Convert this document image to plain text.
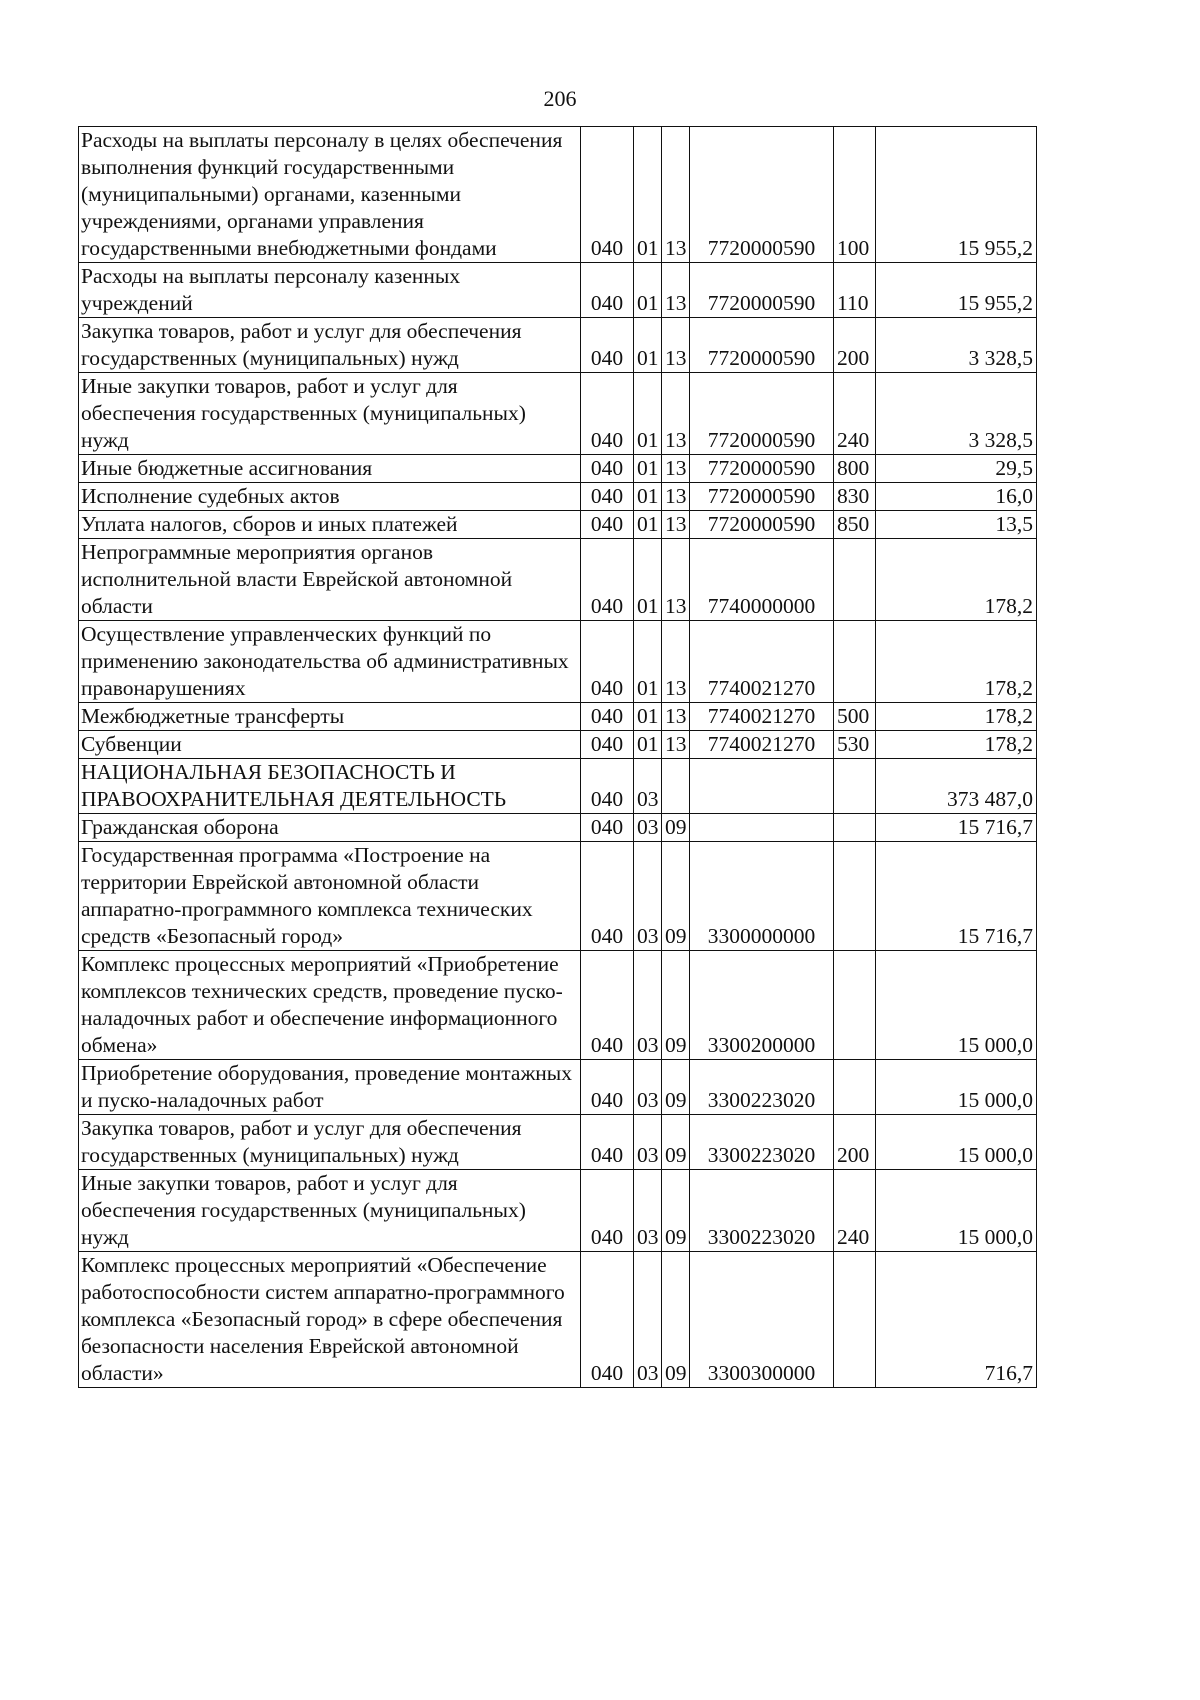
206
Расходы на выплаты персоналу в целях обеспечения выполнения функций государственными (муниципальными) органами, казенными учреждениями, органами управления государственными внебюджетными фондами	040	01	13	7720000590	100	15 955,2
Расходы на выплаты персоналу казенных учреждений	040	01	13	7720000590	110	15 955,2
Закупка товаров, работ и услуг для обеспечения государственных (муниципальных) нужд	040	01	13	7720000590	200	3 328,5
Иные закупки товаров, работ и услуг для обеспечения государственных (муниципальных) нужд	040	01	13	7720000590	240	3 328,5
Иные бюджетные ассигнования	040	01	13	7720000590	800	29,5
Исполнение судебных актов	040	01	13	7720000590	830	16,0
Уплата налогов, сборов и иных платежей	040	01	13	7720000590	850	13,5
Непрограммные мероприятия органов исполнительной власти Еврейской автономной области	040	01	13	7740000000		178,2
Осуществление управленческих функций по применению законодательства об административных правонарушениях	040	01	13	7740021270		178,2
Межбюджетные трансферты	040	01	13	7740021270	500	178,2
Субвенции	040	01	13	7740021270	530	178,2
НАЦИОНАЛЬНАЯ БЕЗОПАСНОСТЬ И ПРАВООХРАНИТЕЛЬНАЯ ДЕЯТЕЛЬНОСТЬ	040	03				373 487,0
Гражданская оборона	040	03	09			15 716,7
Государственная программа «Построение на территории Еврейской автономной области аппаратно-программного комплекса технических средств «Безопасный город»	040	03	09	3300000000		15 716,7
Комплекс процессных мероприятий «Приобретение комплексов технических средств, проведение пуско-наладочных работ и обеспечение информационного обмена»	040	03	09	3300200000		15 000,0
Приобретение оборудования, проведение монтажных и пуско-наладочных работ	040	03	09	3300223020		15 000,0
Закупка товаров, работ и услуг для обеспечения государственных (муниципальных) нужд	040	03	09	3300223020	200	15 000,0
Иные закупки товаров, работ и услуг для обеспечения государственных (муниципальных) нужд	040	03	09	3300223020	240	15 000,0
Комплекс процессных мероприятий «Обеспечение работоспособности систем аппаратно-программного комплекса «Безопасный город» в сфере обеспечения безопасности населения Еврейской автономной области»	040	03	09	3300300000		716,7
